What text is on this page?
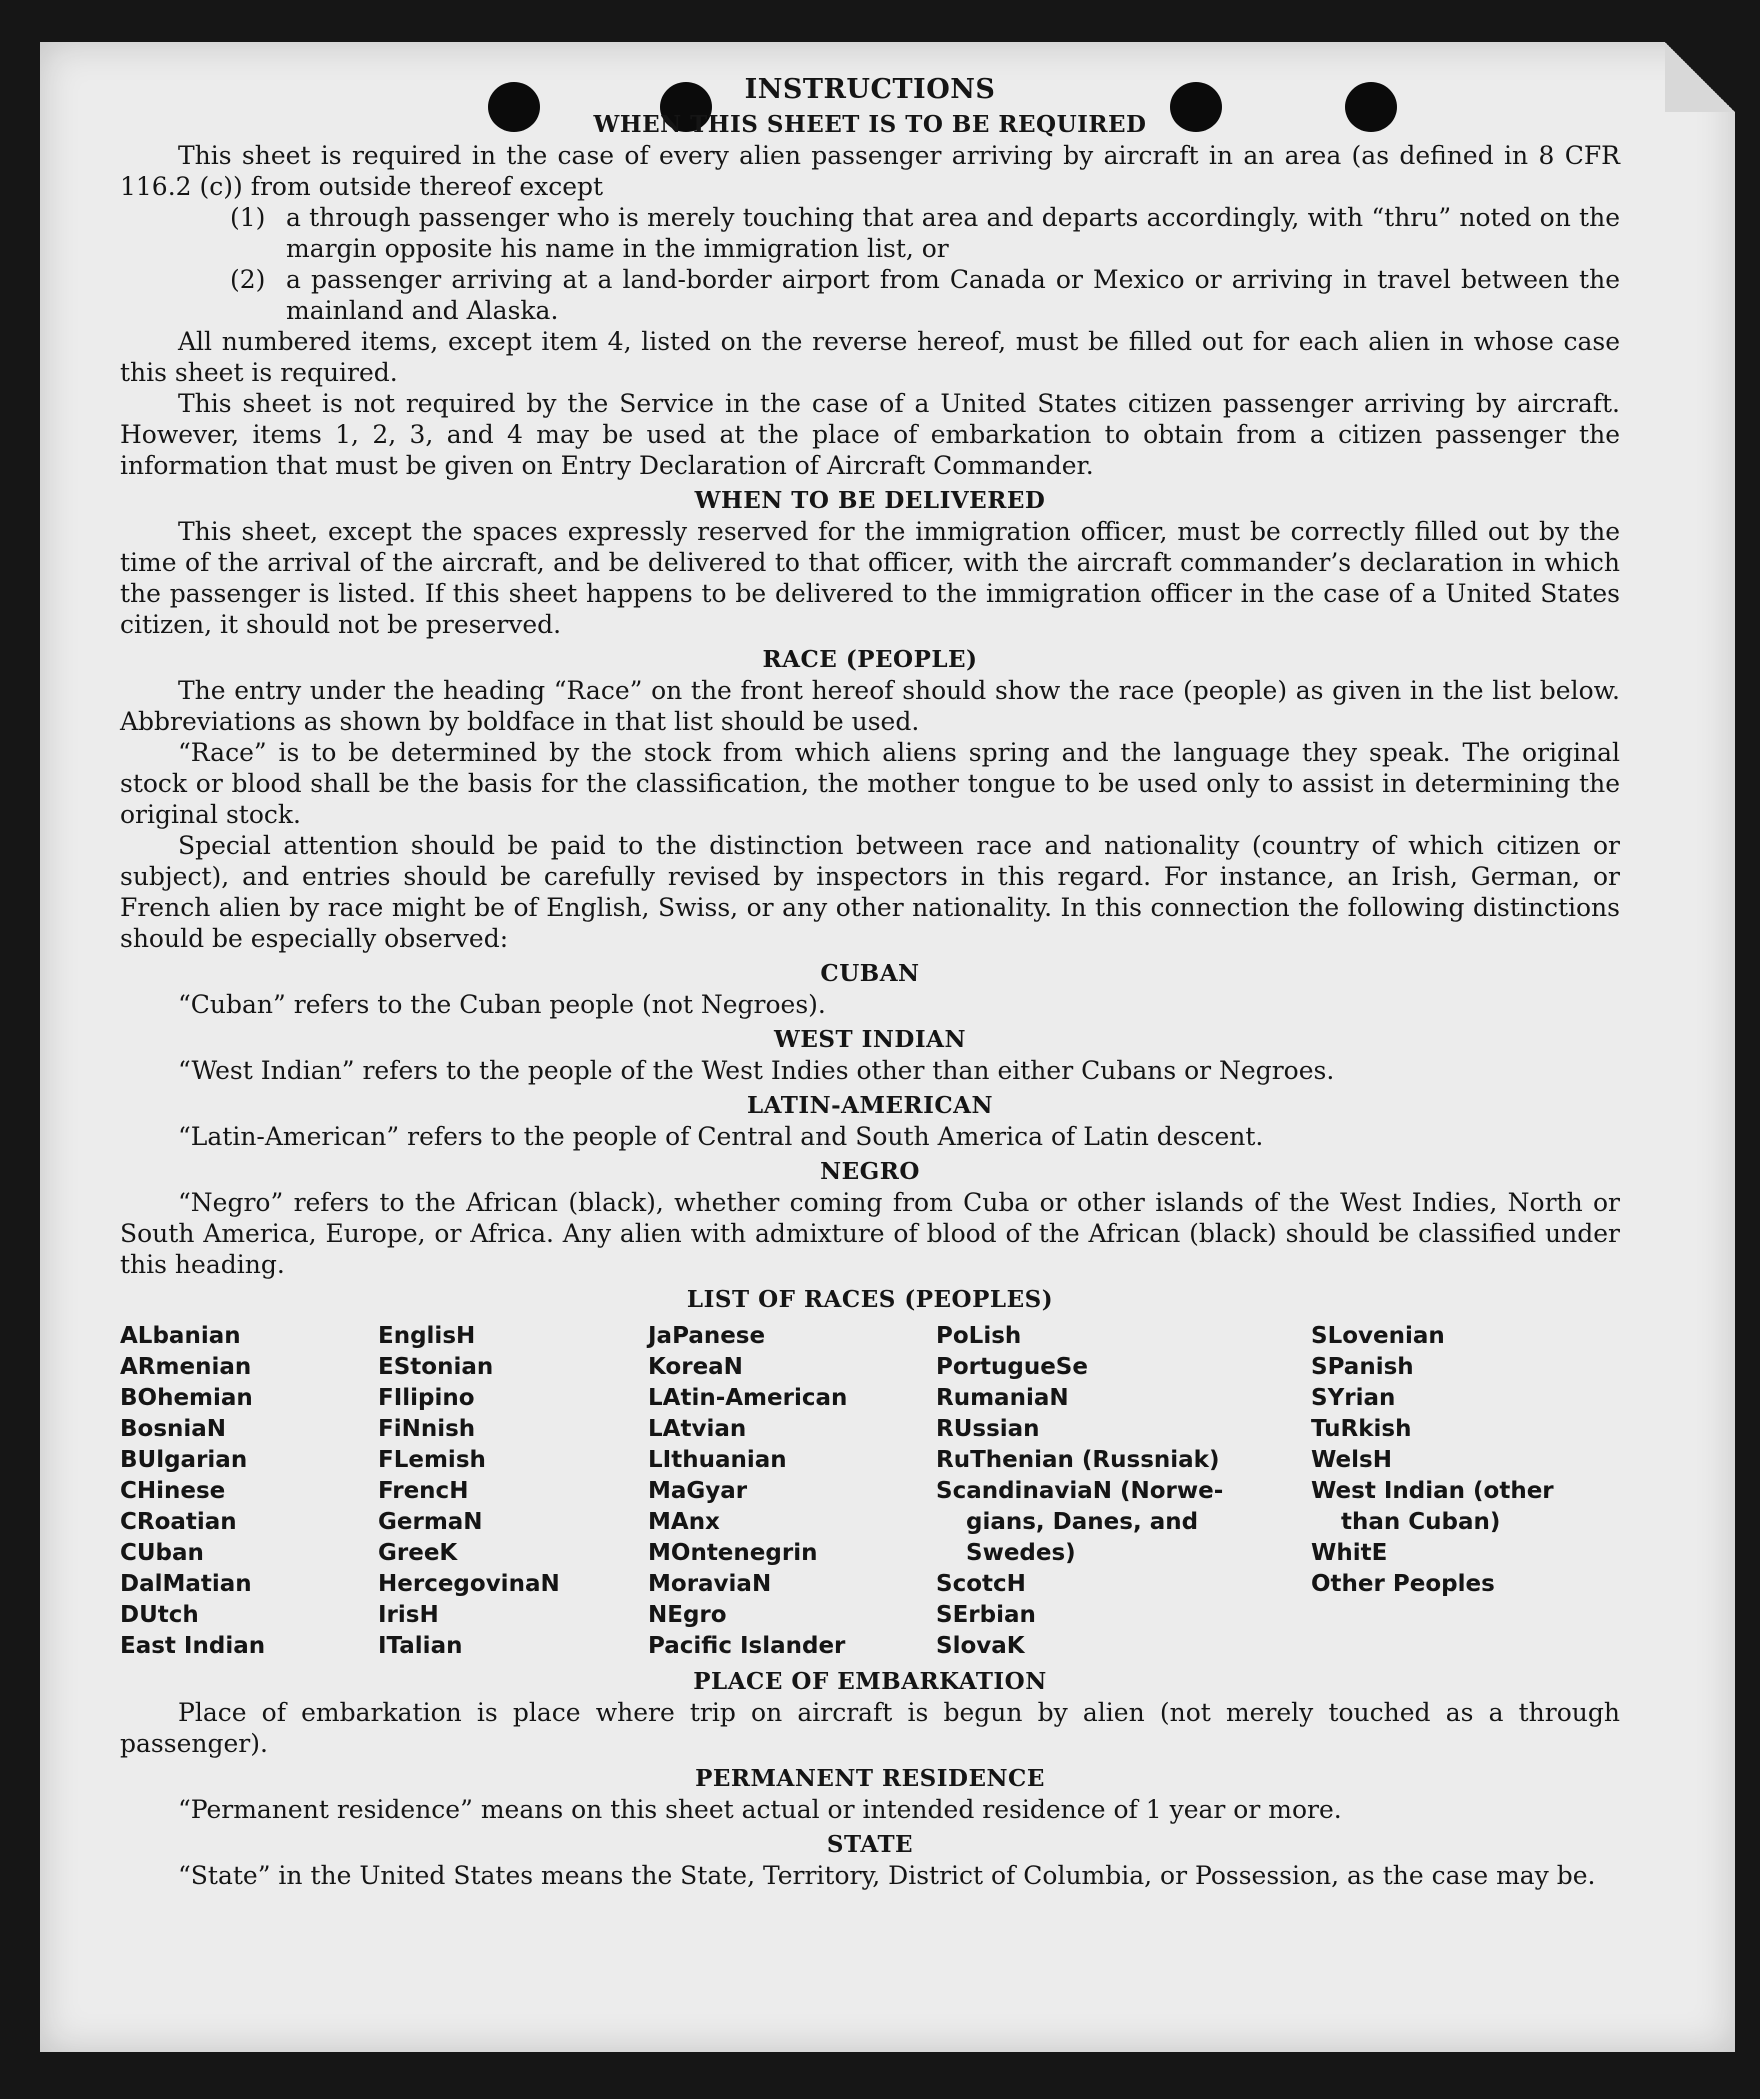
INSTRUCTIONS
WHEN THIS SHEET IS TO BE REQUIRED

This sheet is required in the case of every alien passenger arriving by aircraft in an area (as defined in 8 CFR 116.2 (c)) from outside thereof except

(1) a through passenger who is merely touching that area and departs accordingly, with “thru” noted on the margin opposite his name in the immigration list, or
(2) a passenger arriving at a land-border airport from Canada or Mexico or arriving in travel between the mainland and Alaska.

All numbered items, except item 4, listed on the reverse hereof, must be filled out for each alien in whose case this sheet is required.

This sheet is not required by the Service in the case of a United States citizen passenger arriving by aircraft. However, items 1, 2, 3, and 4 may be used at the place of embarkation to obtain from a citizen passenger the information that must be given on Entry Declaration of Aircraft Commander.

WHEN TO BE DELIVERED

This sheet, except the spaces expressly reserved for the immigration officer, must be correctly filled out by the time of the arrival of the aircraft, and be delivered to that officer, with the aircraft commander’s declaration in which the passenger is listed. If this sheet happens to be delivered to the immigration officer in the case of a United States citizen, it should not be preserved.

RACE (PEOPLE)

The entry under the heading “Race” on the front hereof should show the race (people) as given in the list below. Abbreviations as shown by boldface in that list should be used.

“Race” is to be determined by the stock from which aliens spring and the language they speak. The original stock or blood shall be the basis for the classification, the mother tongue to be used only to assist in determining the original stock.

Special attention should be paid to the distinction between race and nationality (country of which citizen or subject), and entries should be carefully revised by inspectors in this regard. For instance, an Irish, German, or French alien by race might be of English, Swiss, or any other nationality. In this connection the following distinctions should be especially observed:

CUBAN

“Cuban” refers to the Cuban people (not Negroes).

WEST INDIAN

“West Indian” refers to the people of the West Indies other than either Cubans or Negroes.

LATIN-AMERICAN

“Latin-American” refers to the people of Central and South America of Latin descent.

NEGRO

“Negro” refers to the African (black), whether coming from Cuba or other islands of the West Indies, North or South America, Europe, or Africa. Any alien with admixture of blood of the African (black) should be classified under this heading.

LIST OF RACES (PEOPLES)
ALbanian
ARmenian
BOhemian
BosniaN
BUlgarian
CHinese
CRoatian
CUban
DalMatian
DUtch
East Indian
EnglisH
EStonian
FIlipino
FiNnish
FLemish
FrencH
GermaN
GreeK
HercegovinaN
IrisH
ITalian
JaPanese
KoreaN
LAtin-American
LAtvian
LIthuanian
MaGyar
MAnx
MOntenegrin
MoraviaN
NEgro
Pacific Islander
PoLish
PortugueSe
RumaniaN
RUssian
RuThenian (Russniak)
ScandinaviaN (Norwe-
gians, Danes, and
Swedes)
ScotcH
SErbian
SlovaK
SLovenian
SPanish
SYrian
TuRkish
WelsH
West Indian (other
than Cuban)
WhitE
Other Peoples
PLACE OF EMBARKATION

Place of embarkation is place where trip on aircraft is begun by alien (not merely touched as a through passenger).

PERMANENT RESIDENCE

“Permanent residence” means on this sheet actual or intended residence of 1 year or more.

STATE

“State” in the United States means the State, Territory, District of Columbia, or Possession, as the case may be.
